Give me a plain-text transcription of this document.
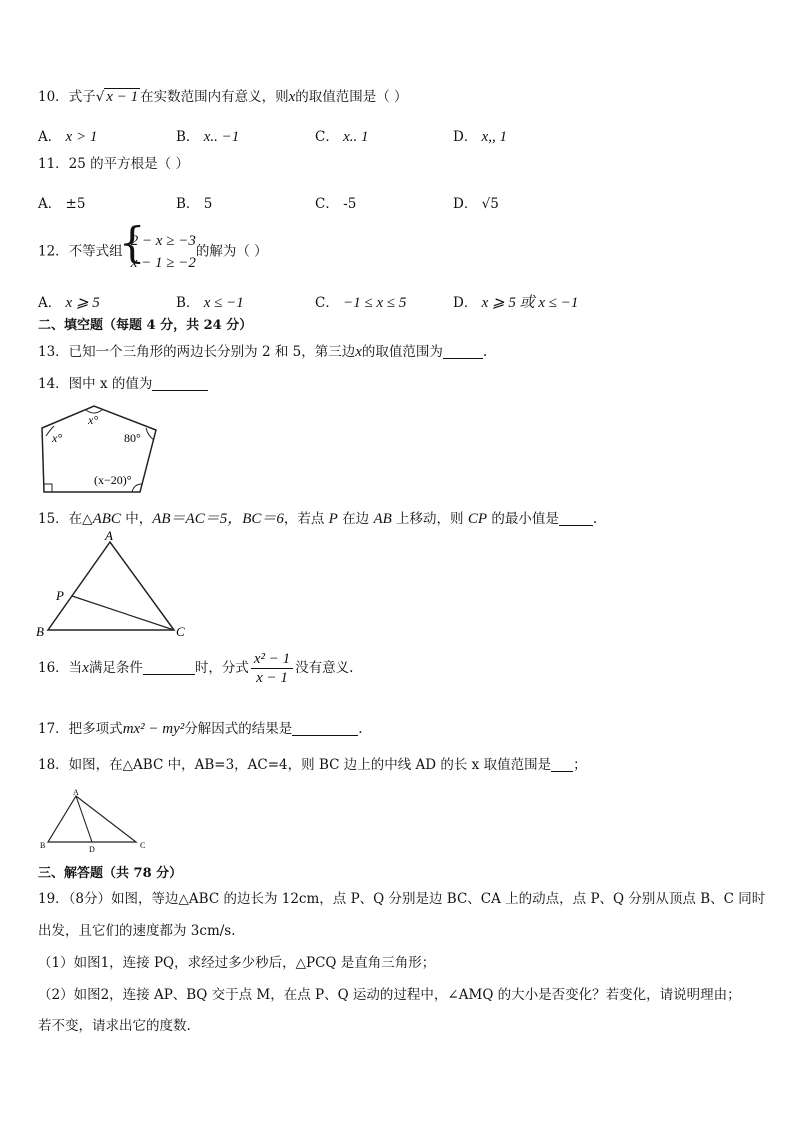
10．式子√ x − 1 在实数范围内有意义，则x的取值范围是（ ）
A． x > 1	B． x.. −1	C． x.. 1	D． x,, 1
11．25 的平方根是（ ）
A． ±5	B． 5	C． -5	D． √5
12．不等式组
{
2 − x ≥ −3
x − 1 ≥ −2
的解为（ ）
A． x ⩾ 5	B． x ≤ −1	C． −1 ≤ x ≤ 5	D． x ⩾ 5 或 x ≤ −1
二、填空题（每题 4 分，共 24 分）
13．已知一个三角形的两边长分别为 2 和 5，第三边x的取值范围为	.
14．图中 x 的值为
x°
x°	80°
(x−20)°
15．在△ABC 中，AB＝AC＝5，BC＝6，若点 P 在边 AB 上移动，则 CP 的最小值是	.
A
B	C
P
16．当x满足条件	时，分式 $\frac{\text{x² − 1}}{x - 1}$ 没有意义.
17．把多项式mx² − my²分解因式的结果是	.
18．如图，在△ABC 中，AB=3，AC=4，则 BC 边上的中线 AD 的长 x 取值范围是 ；
A
B	C
D
三、解答题（共 78 分）
19．（8分）如图，等边△ABC 的边长为 12cm，点 P、Q 分别是边 BC、CA 上的动点，点 P、Q 分别从顶点 B、C 同时
出发，且它们的速度都为 3cm/s.
（1）如图1，连接 PQ，求经过多少秒后，△PCQ 是直角三角形；
（2）如图2，连接 AP、BQ 交于点 M，在点 P、Q 运动的过程中，∠AMQ 的大小是否变化？若变化，请说明理由；
若不变，请求出它的度数.
